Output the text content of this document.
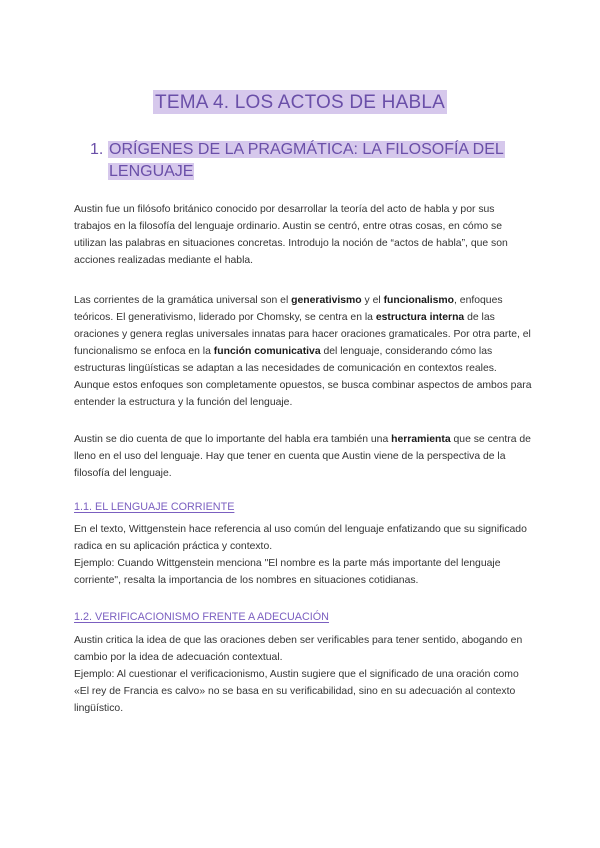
TEMA 4. LOS ACTOS DE HABLA
1. ORÍGENES DE LA PRAGMÁTICA: LA FILOSOFÍA DEL
LENGUAJE

Austin fue un filósofo británico conocido por desarrollar la teoría del acto de habla y por sus trabajos en la filosofía del lenguaje ordinario. Austin se centró, entre otras cosas, en cómo se utilizan las palabras en situaciones concretas. Introdujo la noción de “actos de habla”, que son acciones realizadas mediante el habla.

Las corrientes de la gramática universal son el generativismo y el funcionalismo, enfoques teóricos. El generativismo, liderado por Chomsky, se centra en la estructura interna de las oraciones y genera reglas universales innatas para hacer oraciones gramaticales. Por otra parte, el funcionalismo se enfoca en la función comunicativa del lenguaje, considerando cómo las estructuras lingüísticas se adaptan a las necesidades de comunicación en contextos reales. Aunque estos enfoques son completamente opuestos, se busca combinar aspectos de ambos para entender la estructura y la función del lenguaje.

Austin se dio cuenta de que lo importante del habla era también una herramienta que se centra de lleno en el uso del lenguaje. Hay que tener en cuenta que Austin viene de la perspectiva de la filosofía del lenguaje.

1.1. EL LENGUAJE CORRIENTE

En el texto, Wittgenstein hace referencia al uso común del lenguaje enfatizando que su significado radica en su aplicación práctica y contexto.

Ejemplo: Cuando Wittgenstein menciona "El nombre es la parte más importante del lenguaje corriente", resalta la importancia de los nombres en situaciones cotidianas.

1.2. VERIFICACIONISMO FRENTE A ADECUACIÓN

Austin critica la idea de que las oraciones deben ser verificables para tener sentido, abogando en cambio por la idea de adecuación contextual.

Ejemplo: Al cuestionar el verificacionismo, Austin sugiere que el significado de una oración como «El rey de Francia es calvo» no se basa en su verificabilidad, sino en su adecuación al contexto lingüístico.
